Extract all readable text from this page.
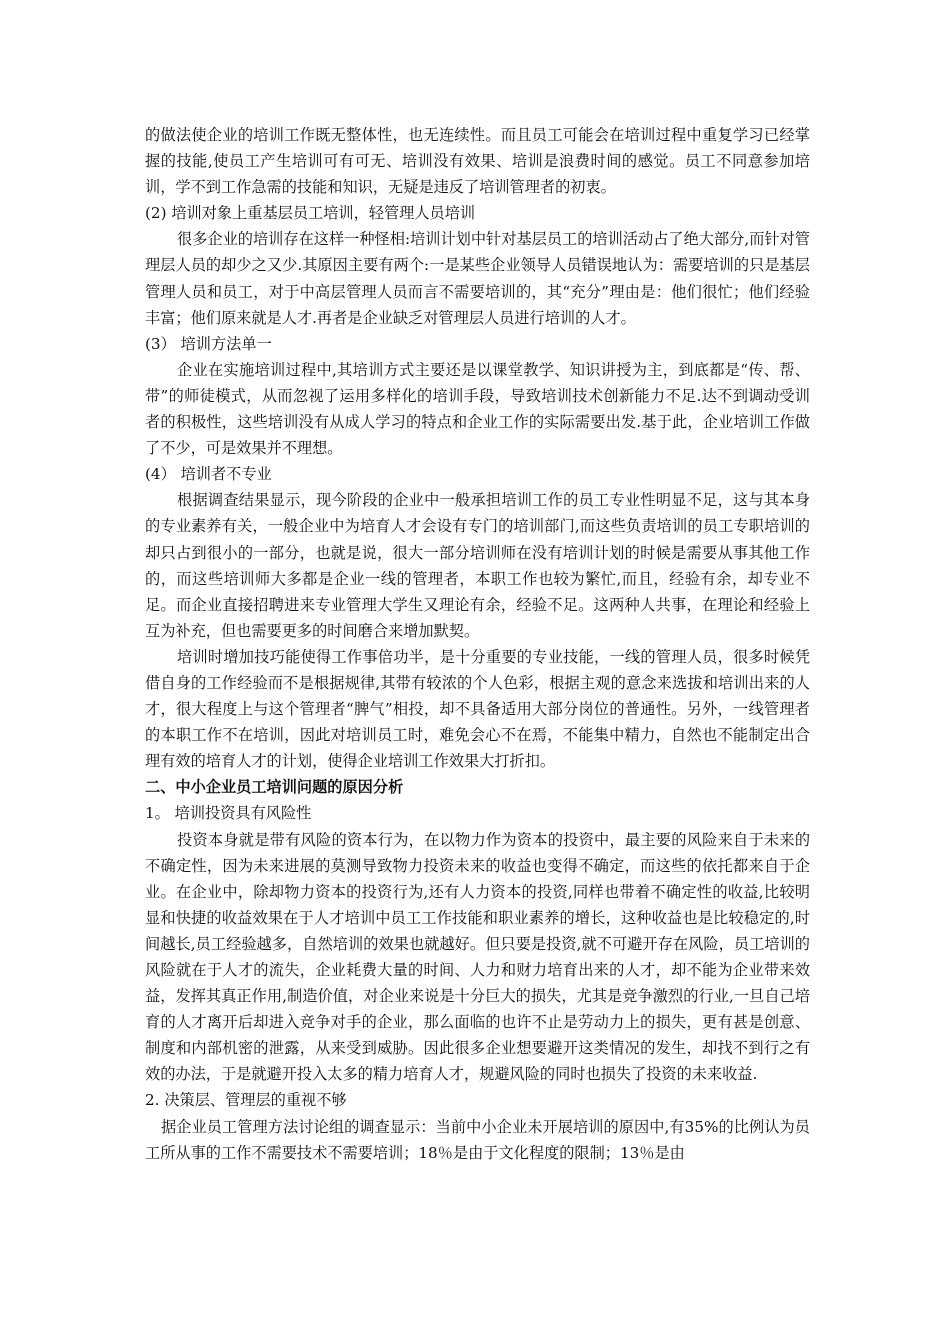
的做法使企业的培训工作既无整体性，也无连续性。而且员工可能会在培训过程中重复学习已经掌握的技能,使员工产生培训可有可无、培训没有效果、培训是浪费时间的感觉。员工不同意参加培训，学不到工作急需的技能和知识，无疑是违反了培训管理者的初衷。

(2) 培训对象上重基层员工培训，轻管理人员培训

很多企业的培训存在这样一种怪相:培训计划中针对基层员工的培训活动占了绝大部分,而针对管理层人员的却少之又少.其原因主要有两个:一是某些企业领导人员错误地认为：需要培训的只是基层管理人员和员工，对于中高层管理人员而言不需要培训的，其“充分”理由是：他们很忙；他们经验丰富；他们原来就是人才.再者是企业缺乏对管理层人员进行培训的人才。

(3） 培训方法单一

企业在实施培训过程中,其培训方式主要还是以课堂教学、知识讲授为主，到底都是“传、帮、带”的师徒模式，从而忽视了运用多样化的培训手段，导致培训技术创新能力不足.达不到调动受训者的积极性，这些培训没有从成人学习的特点和企业工作的实际需要出发.基于此，企业培训工作做了不少，可是效果并不理想。

(4） 培训者不专业

根据调查结果显示，现今阶段的企业中一般承担培训工作的员工专业性明显不足，这与其本身的专业素养有关，一般企业中为培育人才会设有专门的培训部门,而这些负责培训的员工专职培训的却只占到很小的一部分，也就是说，很大一部分培训师在没有培训计划的时候是需要从事其他工作的，而这些培训师大多都是企业一线的管理者，本职工作也较为繁忙,而且，经验有余，却专业不足。而企业直接招聘进来专业管理大学生又理论有余，经验不足。这两种人共事，在理论和经验上互为补充，但也需要更多的时间磨合来增加默契。

培训时增加技巧能使得工作事倍功半，是十分重要的专业技能，一线的管理人员，很多时候凭借自身的工作经验而不是根据规律,其带有较浓的个人色彩，根据主观的意念来选拔和培训出来的人才，很大程度上与这个管理者“脾气”相投，却不具备适用大部分岗位的普通性。另外，一线管理者的本职工作不在培训，因此对培训员工时，难免会心不在焉，不能集中精力，自然也不能制定出合理有效的培育人才的计划，使得企业培训工作效果大打折扣。

二、中小企业员工培训问题的原因分析

1。 培训投资具有风险性

投资本身就是带有风险的资本行为，在以物力作为资本的投资中，最主要的风险来自于未来的不确定性，因为未来进展的莫测导致物力投资未来的收益也变得不确定，而这些的依托都来自于企业。在企业中，除却物力资本的投资行为,还有人力资本的投资,同样也带着不确定性的收益,比较明显和快捷的收益效果在于人才培训中员工工作技能和职业素养的增长，这种收益也是比较稳定的,时间越长,员工经验越多，自然培训的效果也就越好。但只要是投资,就不可避开存在风险，员工培训的风险就在于人才的流失，企业耗费大量的时间、人力和财力培育出来的人才，却不能为企业带来效益，发挥其真正作用,制造价值，对企业来说是十分巨大的损失，尤其是竞争激烈的行业,一旦自己培育的人才离开后却进入竞争对手的企业，那么面临的也许不止是劳动力上的损失，更有甚是创意、制度和内部机密的泄露，从来受到威胁。因此很多企业想要避开这类情况的发生，却找不到行之有效的办法，于是就避开投入太多的精力培育人才，规避风险的同时也损失了投资的未来收益.

2. 决策层、管理层的重视不够

据企业员工管理方法讨论组的调查显示：当前中小企业未开展培训的原因中,有35%的比例认为员工所从事的工作不需要技术不需要培训；18％是由于文化程度的限制；13％是由
